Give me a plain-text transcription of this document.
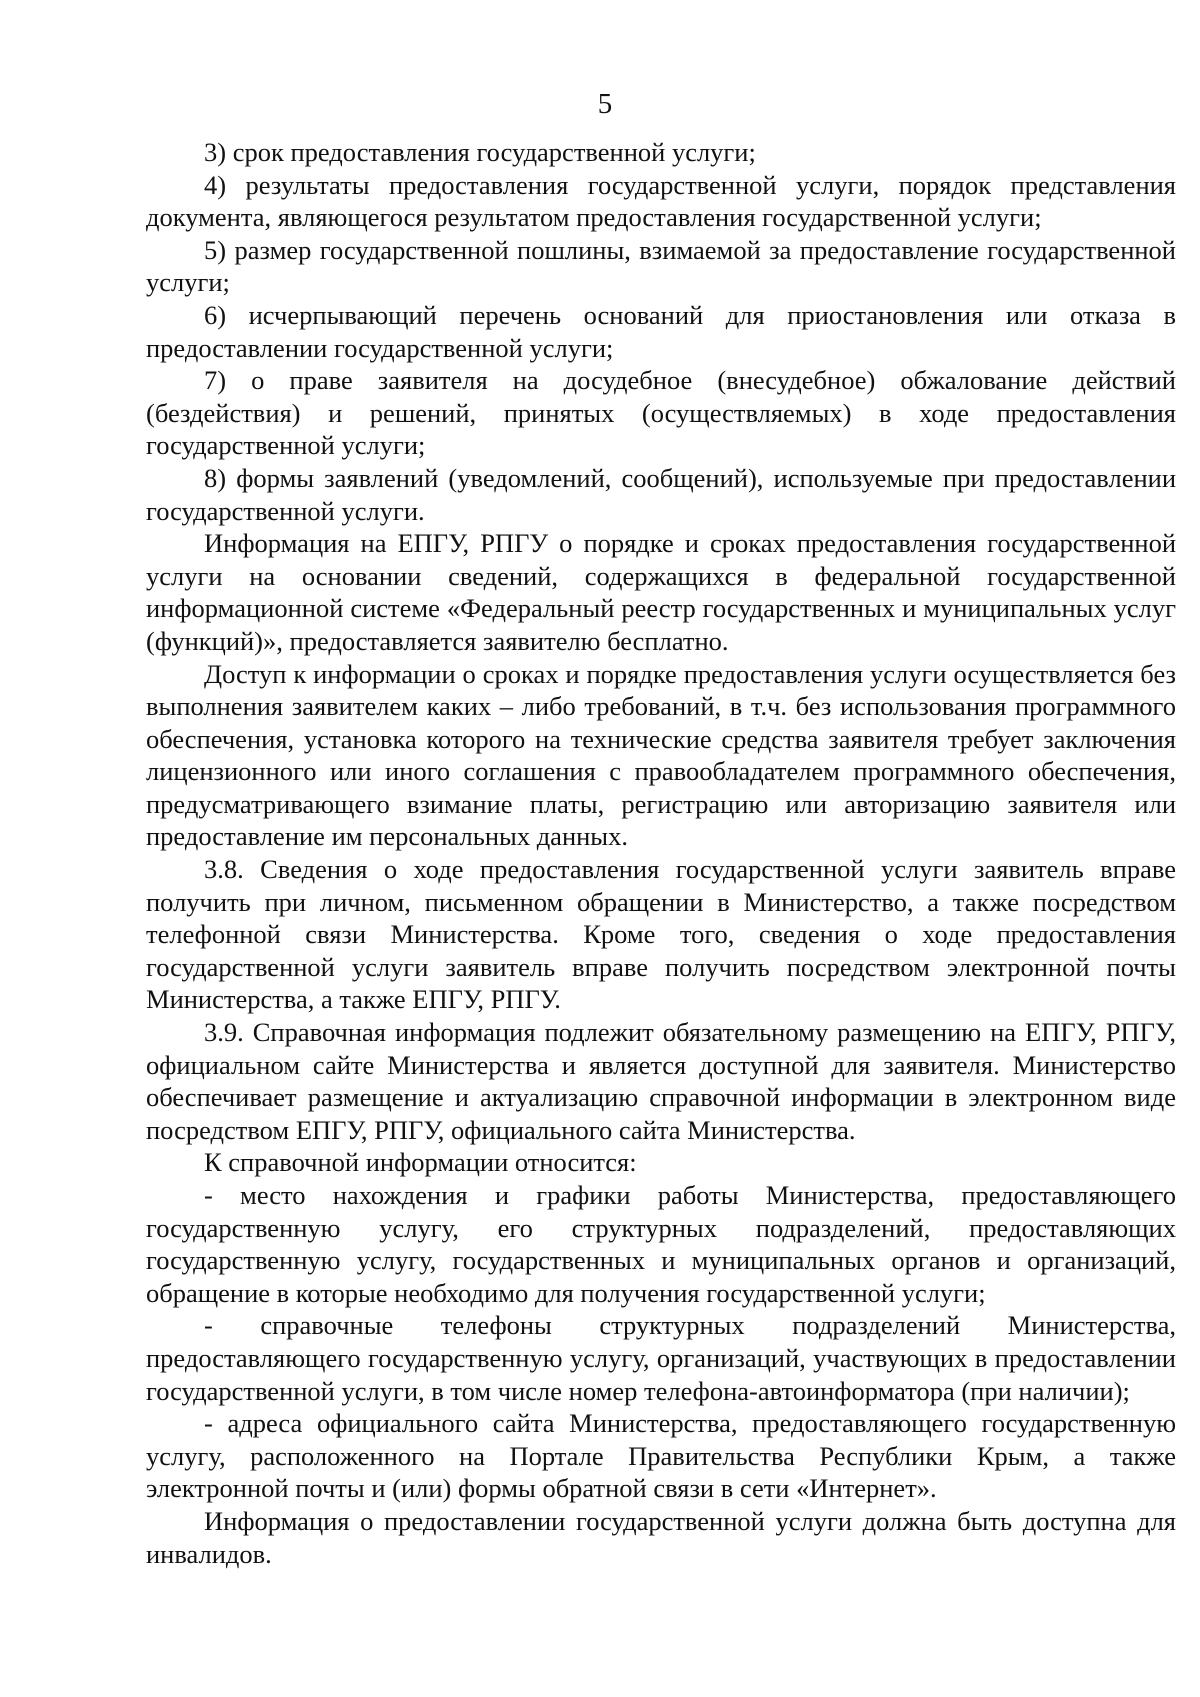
5

3) срок предоставления государственной услуги;

4) результаты предоставления государственной услуги, порядок представления документа, являющегося результатом предоставления государственной услуги;

5) размер государственной пошлины, взимаемой за предоставление государственной услуги;

6) исчерпывающий перечень оснований для приостановления или отказа в предоставлении государственной услуги;

7) о праве заявителя на досудебное (внесудебное) обжалование действий (бездействия) и решений, принятых (осуществляемых) в ходе предоставления государственной услуги;

8) формы заявлений (уведомлений, сообщений), используемые при предоставлении государственной услуги.

Информация на ЕПГУ, РПГУ о порядке и сроках предоставления государственной услуги на основании сведений, содержащихся в федеральной государственной информационной системе «Федеральный реестр государственных и муниципальных услуг (функций)», предоставляется заявителю бесплатно.

Доступ к информации о сроках и порядке предоставления услуги осуществляется без выполнения заявителем каких – либо требований, в т.ч. без использования программного обеспечения, установка которого на технические средства заявителя требует заключения лицензионного или иного соглашения с правообладателем программного обеспечения, предусматривающего взимание платы, регистрацию или авторизацию заявителя или предоставление им персональных данных.

3.8. Сведения о ходе предоставления государственной услуги заявитель вправе получить при личном, письменном обращении в Министерство, а также посредством телефонной связи Министерства. Кроме того, сведения о ходе предоставления государственной услуги заявитель вправе получить посредством электронной почты Министерства, а также ЕПГУ, РПГУ.

3.9. Справочная информация подлежит обязательному размещению на ЕПГУ, РПГУ, официальном сайте Министерства и является доступной для заявителя. Министерство обеспечивает размещение и актуализацию справочной информации в электронном виде посредством ЕПГУ, РПГУ, официального сайта Министерства.

К справочной информации относится:

- место нахождения и графики работы Министерства, предоставляющего государственную услугу, его структурных подразделений, предоставляющих государственную услугу, государственных и муниципальных органов и организаций, обращение в которые необходимо для получения государственной услуги;

- справочные телефоны структурных подразделений Министерства, предоставляющего государственную услугу, организаций, участвующих в предоставлении государственной услуги, в том числе номер телефона-автоинформатора (при наличии);

- адреса официального сайта Министерства, предоставляющего государственную услугу, расположенного на Портале Правительства Республики Крым, а также электронной почты и (или) формы обратной связи в сети «Интернет».

Информация о предоставлении государственной услуги должна быть доступна для инвалидов.
